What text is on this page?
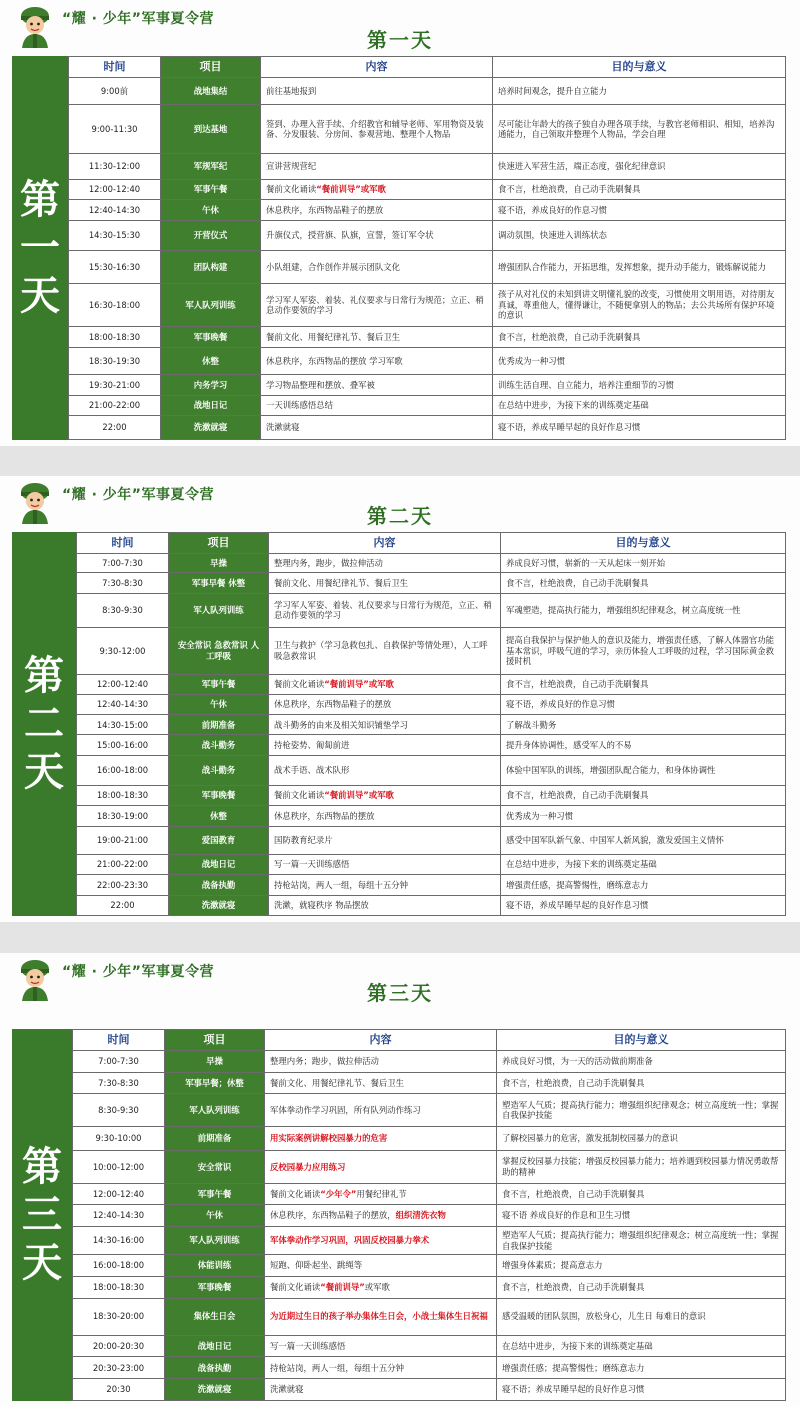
“耀 · 少年”军事夏令营
第一天
第
一
天
时间	项目	内容	目的与意义
9:00前	战地集结	前往基地报到	培养时间观念，提升自立能力
9:00-11:30	到达基地	签到、办理入营手续、介绍教官和辅导老师、军用物资及装备、分发服装、分房间、参观营地、整理个人物品	尽可能让年龄大的孩子独自办理各项手续，与教官老师相识、相知，培养沟通能力，自己领取并整理个人物品，学会自理
11:30-12:00	军规军纪	宣讲营规营纪	快速进入军营生活，端正态度，强化纪律意识
12:00-12:40	军事午餐	餐前文化诵读“餐前训导”或军歌	食不言，杜绝浪费，自己动手洗刷餐具
12:40-14:30	午休	休息秩序，东西物品鞋子的摆放	寝不语，养成良好的作息习惯
14:30-15:30	开营仪式	升旗仪式，授营旗、队旗，宣誓，签订军令状	调动氛围，快速进入训练状态
15:30-16:30	团队构建	小队组建，合作创作并展示团队文化	增强团队合作能力，开拓思维，发挥想象，提升动手能力，锻炼解说能力
16:30-18:00	军人队列训练	学习军人军姿、着装、礼仪要求与日常行为规范；立正、稍息动作要领的学习	孩子从对礼仪的未知到讲文明懂礼貌的改变，习惯使用文明用语，对待朋友真诚，尊重他人，懂得谦让，不随便拿别人的物品；去公共场所有保护环境的意识
18:00-18:30	军事晚餐	餐前文化、用餐纪律礼节、餐后卫生	食不言，杜绝浪费，自己动手洗刷餐具
18:30-19:30	休整	休息秩序，东西物品的摆放 学习军歌	优秀成为一种习惯
19:30-21:00	内务学习	学习物品整理和摆放、叠军被	训练生活自理、自立能力，培养注重细节的习惯
21:00-22:00	战地日记	一天训练感悟总结	在总结中进步，为接下来的训练奠定基础
22:00	洗漱就寝	洗漱就寝	寝不语，养成早睡早起的良好作息习惯
“耀 · 少年”军事夏令营
第二天
第
二
天
时间	项目	内容	目的与意义
7:00-7:30	早操	整理内务，跑步，做拉伸活动	养成良好习惯，崭新的一天从起床一刻开始
7:30-8:30	军事早餐 休整	餐前文化、用餐纪律礼节、餐后卫生	食不言，杜绝浪费，自己动手洗刷餐具
8:30-9:30	军人队列训练	学习军人军姿、着装、礼仪要求与日常行为规范，立正、稍息动作要领的学习	军魂塑造，提高执行能力，增强组织纪律观念，树立高度统一性
9:30-12:00	安全常识 急救常识 人工呼吸	卫生与救护（学习急救包扎、自救保护等情处理），人工呼吸急救常识	提高自我保护与保护他人的意识及能力，增强责任感，了解人体器官功能基本常识，呼吸气道的学习，亲历体验人工呼吸的过程，学习国际黄金救援时机
12:00-12:40	军事午餐	餐前文化诵读“餐前训导”或军歌	食不言，杜绝浪费，自己动手洗刷餐具
12:40-14:30	午休	休息秩序，东西物品鞋子的摆放	寝不语，养成良好的作息习惯
14:30-15:00	前期准备	战斗勤务的由来及相关知识铺垫学习	了解战斗勤务
15:00-16:00	战斗勤务	持枪姿势、匍匐前进	提升身体协调性，感受军人的不易
16:00-18:00	战斗勤务	战术手语、战术队形	体验中国军队的训练，增强团队配合能力，和身体协调性
18:00-18:30	军事晚餐	餐前文化诵读“餐前训导”或军歌	食不言，杜绝浪费，自己动手洗刷餐具
18:30-19:00	休整	休息秩序，东西物品的摆放	优秀成为一种习惯
19:00-21:00	爱国教育	国防教育纪录片	感受中国军队新气象、中国军人新风貌，激发爱国主义情怀
21:00-22:00	战地日记	写一篇一天训练感悟	在总结中进步，为接下来的训练奠定基础
22:00-23:30	战备执勤	持枪站岗，两人一组，每组十五分钟	增强责任感，提高警惕性，磨练意志力
22:00	洗漱就寝	洗漱，就寝秩序 物品摆放	寝不语，养成早睡早起的良好作息习惯
“耀 · 少年”军事夏令营
第三天
第
三
天
时间	项目	内容	目的与意义
7:00-7:30	早操	整理内务；跑步，做拉伸活动	养成良好习惯，为一天的活动做前期准备
7:30-8:30	军事早餐；休整	餐前文化、用餐纪律礼节、餐后卫生	食不言，杜绝浪费，自己动手洗刷餐具
8:30-9:30	军人队列训练	军体拳动作学习巩固，所有队列动作练习	塑造军人气质；提高执行能力；增强组织纪律观念；树立高度统一性；掌握自我保护技能
9:30-10:00	前期准备	用实际案例讲解校园暴力的危害	了解校园暴力的危害，激发抵制校园暴力的意识
10:00-12:00	安全常识	反校园暴力应用练习	掌握反校园暴力技能；增强反校园暴力能力；培养遇到校园暴力情况勇敢帮助的精神
12:00-12:40	军事午餐	餐前文化诵读“少年令”用餐纪律礼节	食不言，杜绝浪费，自己动手洗刷餐具
12:40-14:30	午休	休息秩序，东西物品鞋子的摆放，组织清洗衣物	寝不语 养成良好的作息和卫生习惯
14:30-16:00	军人队列训练	军体拳动作学习巩固，巩固反校园暴力拳术	塑造军人气质；提高执行能力；增强组织纪律观念；树立高度统一性；掌握自我保护技能
16:00-18:00	体能训练	短跑、仰卧起坐、跳绳等	增强身体素质；提高意志力
18:00-18:30	军事晚餐	餐前文化诵读“餐前训导”或军歌	食不言，杜绝浪费，自己动手洗刷餐具
18:30-20:00	集体生日会	为近期过生日的孩子举办集体生日会，小战士集体生日祝福	感受温暖的团队氛围，放松身心，儿生日 每难日的意识
20:00-20:30	战地日记	写一篇一天训练感悟	在总结中进步，为接下来的训练奠定基础
20:30-23:00	战备执勤	持枪站岗，两人一组，每组十五分钟	增强责任感；提高警惕性；磨练意志力
20:30	洗漱就寝	洗漱就寝	寝不语；养成早睡早起的良好作息习惯
